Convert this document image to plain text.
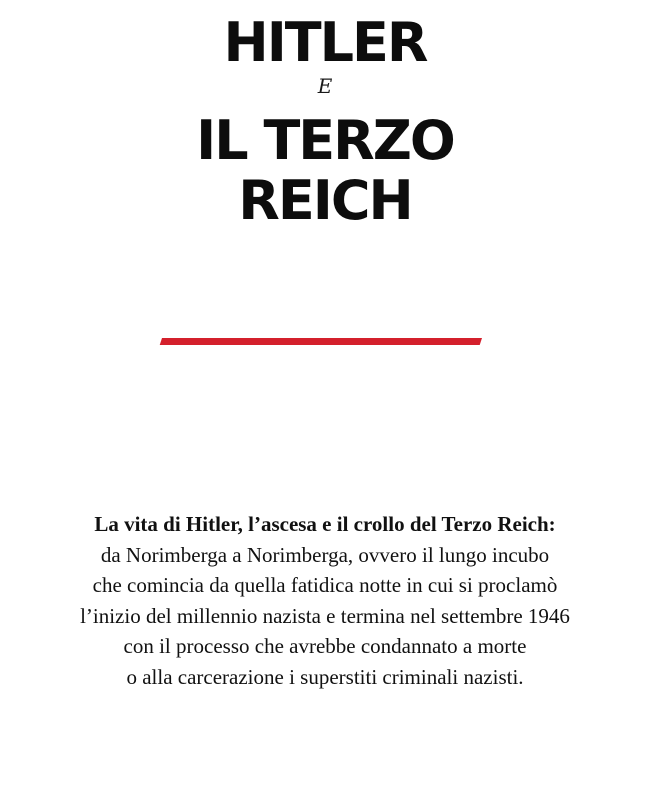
HITLER
E
IL TERZO
REICH

La vita di Hitler, l’ascesa e il crollo del Terzo Reich:
da Norimberga a Norimberga, ovvero il lungo incubo
che comincia da quella fatidica notte in cui si proclamò
l’inizio del millennio nazista e termina nel settembre 1946
con il processo che avrebbe condannato a morte
o alla carcerazione i superstiti criminali nazisti.
